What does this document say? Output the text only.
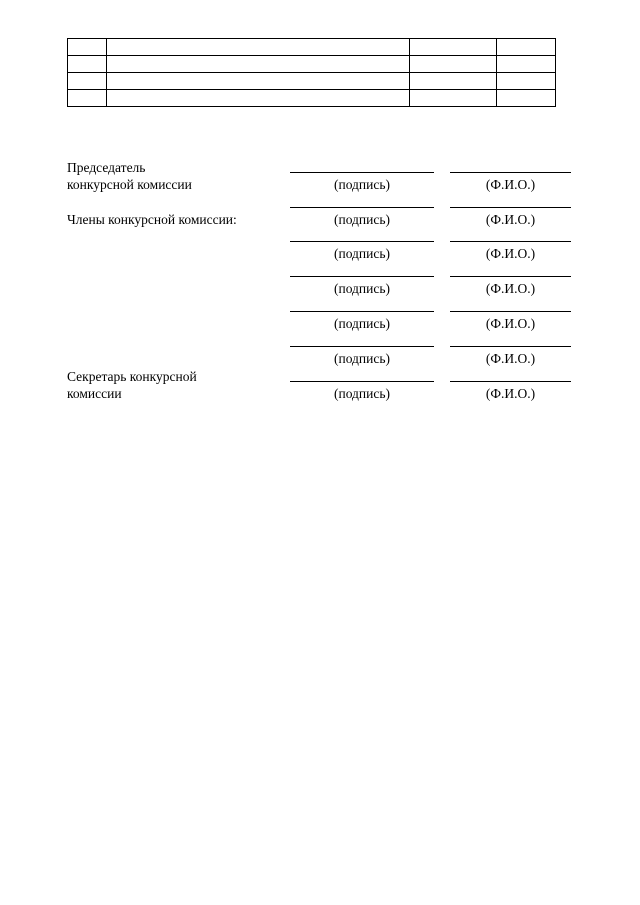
Председатель
конкурсной комиссии	(подпись)	(Ф.И.О.)
Члены конкурсной комиссии:	(подпись)	(Ф.И.О.)
(подпись)	(Ф.И.О.)
(подпись)	(Ф.И.О.)
(подпись)	(Ф.И.О.)
(подпись)	(Ф.И.О.)
Секретарь конкурсной
комиссии	(подпись)	(Ф.И.О.)
